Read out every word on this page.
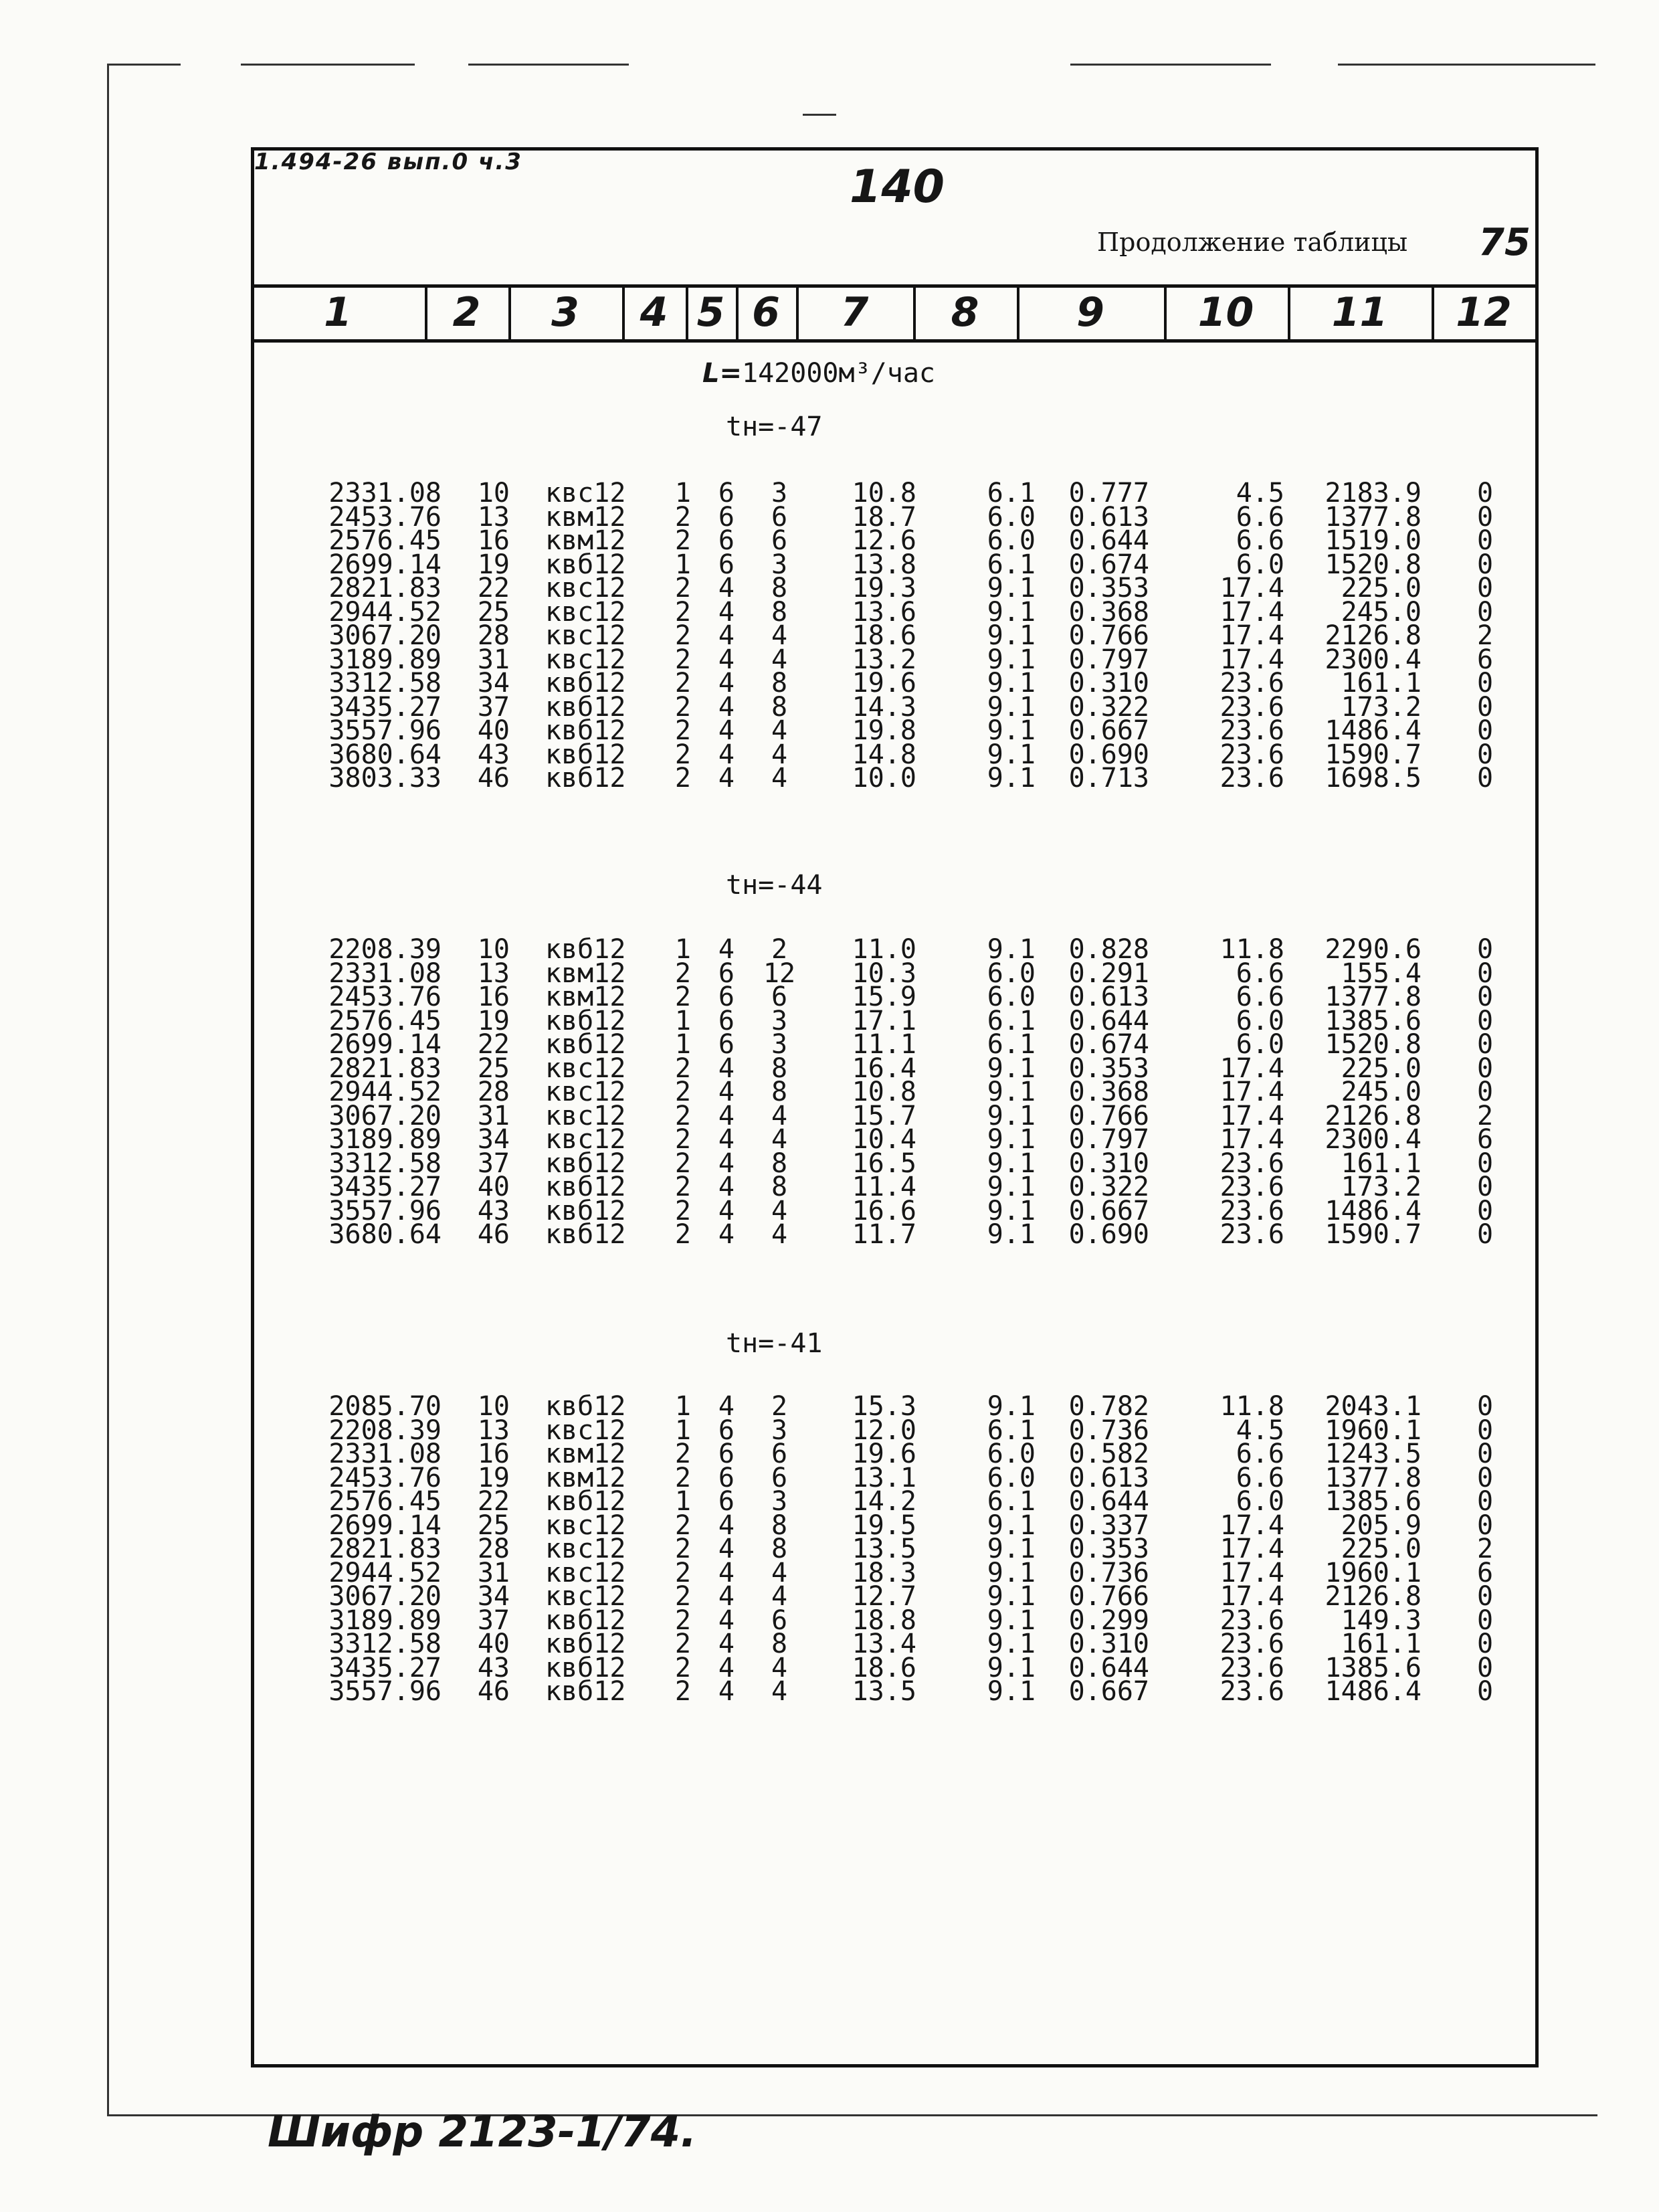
1.494-26 вып.0 ч.3	140
Продолжение таблицы 75
1	2	3	4 5 6	7	8	9	10	11	12
L=142000м³/час
tн=-47
2331.08	10 квс12	1	6	3	10.8	6.1	0.777	4.5	2183.9 0
2453.76	13 квм12	2	6	6	18.7	6.0	0.613	6.6	1377.8 0
2576.45	16 квм12	2	6	6	12.6	6.0	0.644	6.6	1519.0 0
2699.14	19 квб12	1	6	3	13.8	6.1	0.674	6.0	1520.8 0
2821.83	22 квс12	2	4	8	19.3	9.1	0.353	17.4	225.0 0
2944.52	25 квс12	2	4	8	13.6	9.1	0.368	17.4	245.0 0
3067.20	28 квс12	2	4	4	18.6	9.1	0.766	17.4	2126.8 2
3189.89	31 квс12	2	4	4	13.2	9.1	0.797	17.4	2300.4 6
3312.58	34 квб12	2	4	8	19.6	9.1	0.310	23.6	161.1 0
3435.27	37 квб12	2	4	8	14.3	9.1	0.322	23.6	173.2 0
3557.96	40 квб12	2	4	4	19.8	9.1	0.667	23.6	1486.4 0
3680.64	43 квб12	2	4	4	14.8	9.1	0.690	23.6	1590.7 0
3803.33	46 квб12	2	4	4	10.0	9.1	0.713	23.6	1698.5 0
tн=-44
2208.39	10 квб12	1	4	2	11.0	9.1	0.828	11.8	2290.6 0
2331.08	13 квм12	2	6 12	10.3	6.0	0.291	6.6	155.4 0
2453.76	16 квм12	2	6	6	15.9	6.0	0.613	6.6	1377.8 0
2576.45	19 квб12	1	6	3	17.1	6.1	0.644	6.0	1385.6 0
2699.14	22 квб12	1	6	3	11.1	6.1	0.674	6.0	1520.8 0
2821.83	25 квс12	2	4	8	16.4	9.1	0.353	17.4	225.0 0
2944.52	28 квс12	2	4	8	10.8	9.1	0.368	17.4	245.0 0
3067.20	31 квс12	2	4	4	15.7	9.1	0.766	17.4	2126.8 2
3189.89	34 квс12	2	4	4	10.4	9.1	0.797	17.4	2300.4 6
3312.58	37 квб12	2	4	8	16.5	9.1	0.310	23.6	161.1 0
3435.27	40 квб12	2	4	8	11.4	9.1	0.322	23.6	173.2 0
3557.96	43 квб12	2	4	4	16.6	9.1	0.667	23.6	1486.4 0
3680.64	46 квб12	2	4	4	11.7	9.1	0.690	23.6	1590.7 0
tн=-41
2085.70	10 квб12	1	4	2	15.3	9.1	0.782	11.8	2043.1 0
2208.39	13 квс12	1	6	3	12.0	6.1	0.736	4.5	1960.1 0
2331.08	16 квм12	2	6	6	19.6	6.0	0.582	6.6	1243.5 0
2453.76	19 квм12	2	6	6	13.1	6.0	0.613	6.6	1377.8 0
2576.45	22 квб12	1	6	3	14.2	6.1	0.644	6.0	1385.6 0
2699.14	25 квс12	2	4	8	19.5	9.1	0.337	17.4	205.9 0
2821.83	28 квс12	2	4	8	13.5	9.1	0.353	17.4	225.0 2
2944.52	31 квс12	2	4	4	18.3	9.1	0.736	17.4	1960.1 6
3067.20	34 квс12	2	4	4	12.7	9.1	0.766	17.4	2126.8 0
3189.89	37 квб12	2	4	6	18.8	9.1	0.299	23.6	149.3 0
3312.58	40 квб12	2	4	8	13.4	9.1	0.310	23.6	161.1 0
3435.27	43 квб12	2	4	4	18.6	9.1	0.644	23.6	1385.6 0
3557.96	46 квб12	2	4	4	13.5	9.1	0.667	23.6	1486.4 0
Шифр 2123-1/74.
